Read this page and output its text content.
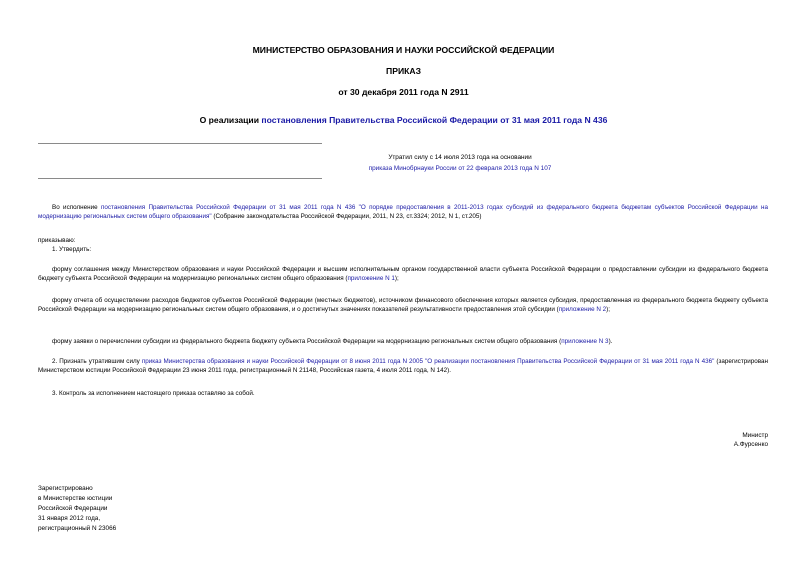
МИНИСТЕРСТВО ОБРАЗОВАНИЯ И НАУКИ РОССИЙСКОЙ ФЕДЕРАЦИИ
ПРИКАЗ
от 30 декабря 2011 года N 2911
О реализации постановления Правительства Российской Федерации от 31 мая 2011 года N 436
Утратил силу с 14 июля 2013 года на основании
приказа Минобрнауки России от 22 февраля 2013 года N 107
Во исполнение постановления Правительства Российской Федерации от 31 мая 2011 года N 436 "О порядке предоставления в 2011-2013 годах субсидий из федерального бюджета бюджетам субъектов Российской Федерации на модернизацию региональных систем общего образования" (Собрание законодательства Российской Федерации, 2011, N 23, ст.3324; 2012, N 1, ст.205)
приказываю:
1. Утвердить:
форму соглашения между Министерством образования и науки Российской Федерации и высшим исполнительным органом государственной власти субъекта Российской Федерации о предоставлении субсидии из федерального бюджета бюджету субъекта Российской Федерации на модернизацию региональных систем общего образования (приложение N 1);
форму отчета об осуществлении расходов бюджетов субъектов Российской Федерации (местных бюджетов), источником финансового обеспечения которых является субсидия, предоставленная из федерального бюджета бюджету субъекта Российской Федерации на модернизацию региональных систем общего образования, и о достигнутых значениях показателей результативности предоставления этой субсидии (приложение N 2);
форму заявки о перечислении субсидии из федерального бюджета бюджету субъекта Российской Федерации на модернизацию региональных систем общего образования (приложение N 3).
2. Признать утратившим силу приказ Министерства образования и науки Российской Федерации от 8 июня 2011 года N 2005 "О реализации постановления Правительства Российской Федерации от 31 мая 2011 года N 436" (зарегистрирован Министерством юстиции Российской Федерации 23 июня 2011 года, регистрационный N 21148, Российская газета, 4 июля 2011 года, N 142).
3. Контроль за исполнением настоящего приказа оставляю за собой.
Министр
А.Фурсенко
Зарегистрировано
в Министерстве юстиции
Российской Федерации
31 января 2012 года,
регистрационный N 23066
